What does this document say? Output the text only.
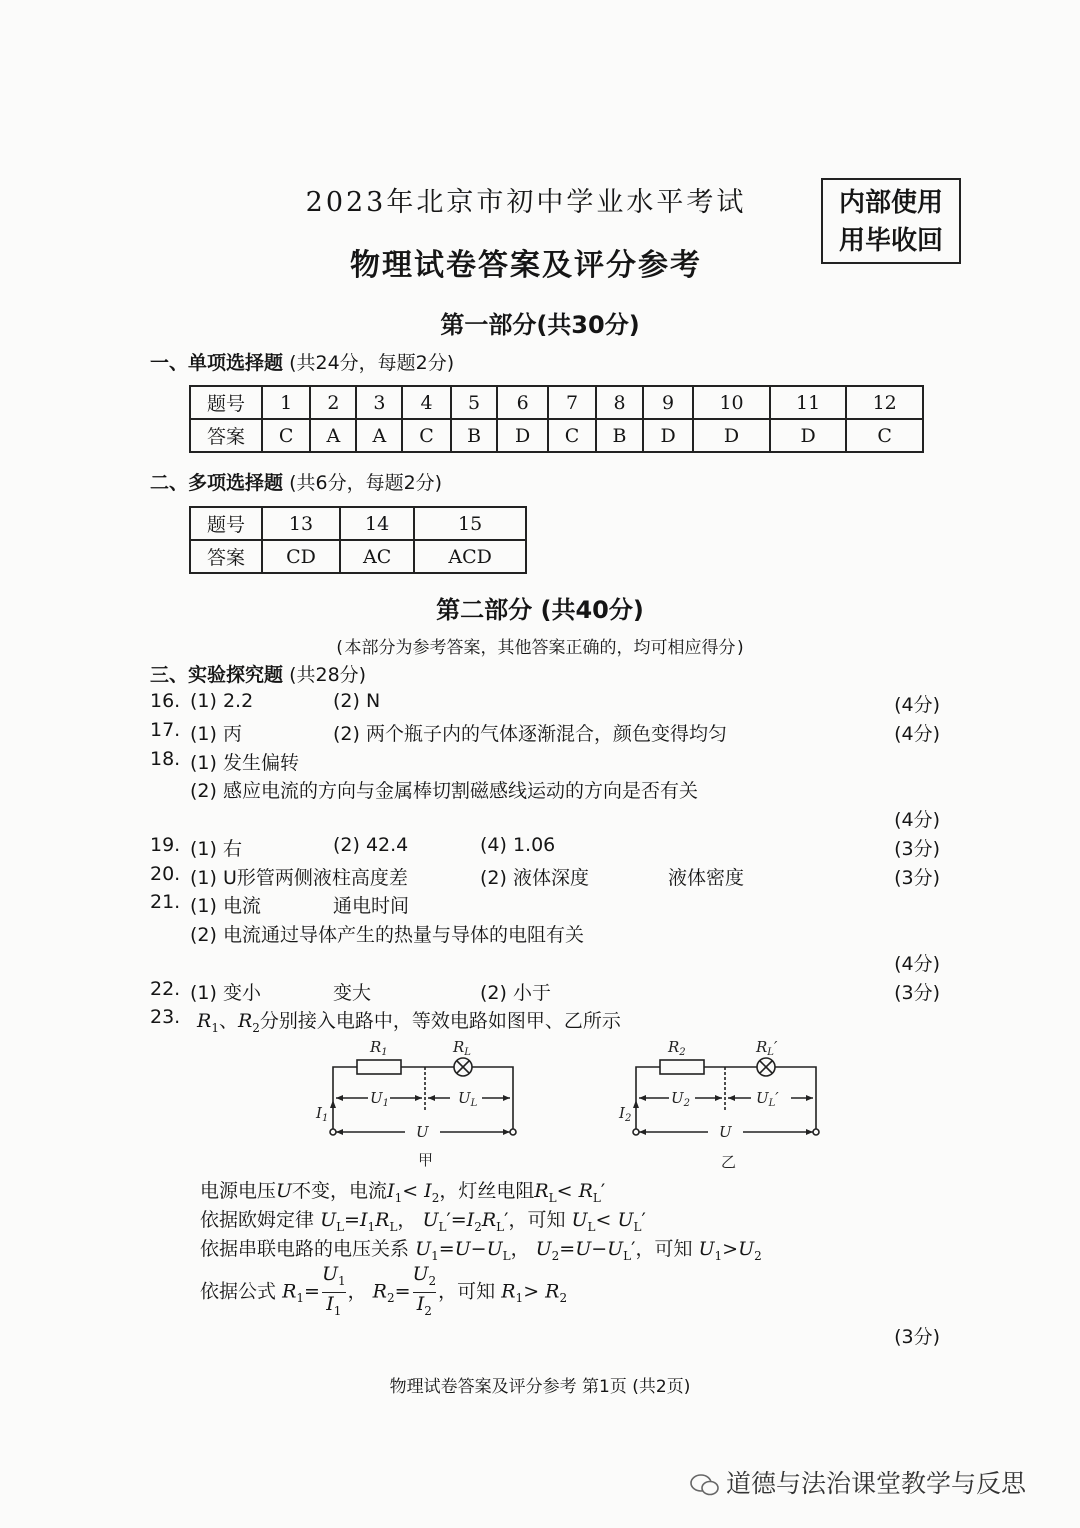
2023年北京市初中学业水平考试
物理试卷答案及评分参考
内部使用
用毕收回
第一部分(共30分)
一、单项选择题 (共24分，每题2分)
题号	1	2	3	4	5	6	7	8	9	10	11	12
答案	C	A	A	C	B	D	C	B	D	D	D	C
二、多项选择题 (共6分，每题2分)
题号	13	14	15
答案	CD	AC	ACD
第二部分 (共40分)
(本部分为参考答案，其他答案正确的，均可相应得分)
三、实验探究题 (共28分)
16. (1) 2.2	(2) N	(4分)
17. (1) 丙	(2) 两个瓶子内的气体逐渐混合，颜色变得均匀	(4分)
18. (1) 发生偏转
(2) 感应电流的方向与金属棒切割磁感线运动的方向是否有关
(4分)
19. (1) 右	(2) 42.4	(4) 1.06	(3分)
20. (1) U形管两侧液柱高度差	(2) 液体深度	液体密度	(3分)
21. (1) 电流	通电时间
(2) 电流通过导体产生的热量与导体的电阻有关
(4分)
22. (1) 变小	变大	(2) 小于	(3分)
23. $R_1$、$R_2$分别接入电路中，等效电路如图甲、乙所示
$R_1$	$R_L$
$U_1$	$U_L$
U
$I_1$
甲
$R_2$	$R_L'$
$U_2$	$U_L'$
U
$I_2$
乙
电源电压U不变，电流$I_1< I_2$，灯丝电阻$R_L< R_L'$
依据欧姆定律 $U_L=I_1R_L$， $U_L'=I_2R_L'$，可知 $U_L< U_L'$
依据串联电路的电压关系 $U_1=U-U_L$， $U_2=U-U_L'$，可知 $U_1>U_2$
依据公式 $R_1= \frac{U_1}{I_1}$ ， $R_2= \frac{U_2}{I_2}$ ，可知 $R_1> R_2$
(3分)
物理试卷答案及评分参考 第1页 (共2页)
道德与法治课堂教学与反思
